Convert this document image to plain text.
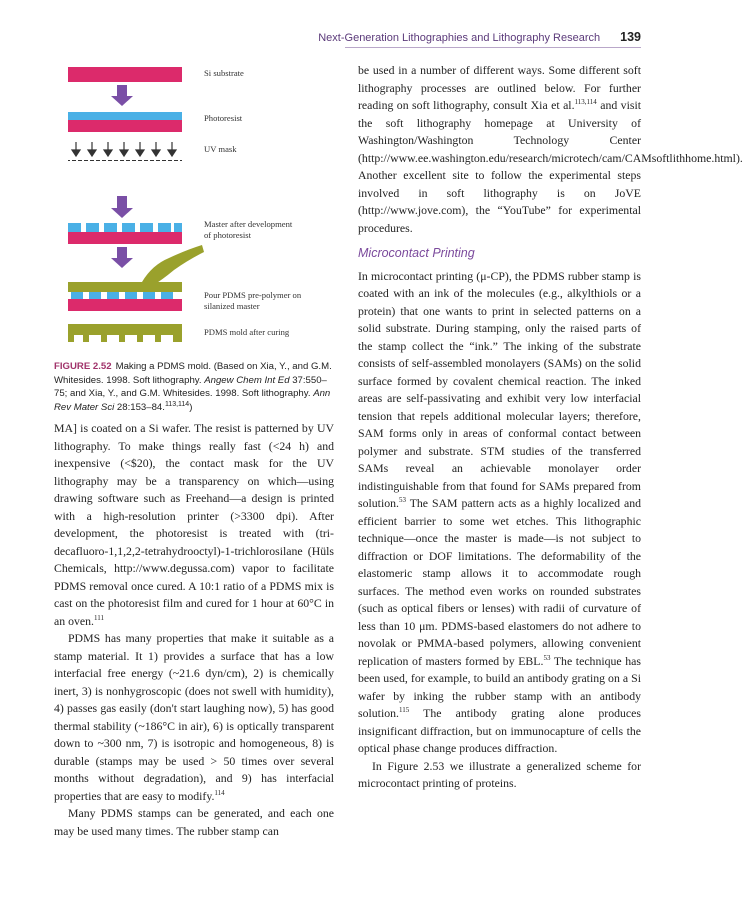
Next-Generation Lithographies and Lithography Research 139
Si substrate
Photoresist
UV mask
Master after development
of photoresist
Pour PDMS pre-polymer on
silanized master
PDMS mold after curing
FIGURE 2.52 Making a PDMS mold. (Based on Xia, Y., and G.M. Whitesides. 1998. Soft lithography. Angew Chem Int Ed 37:550–75; and Xia, Y., and G.M. Whitesides. 1998. Soft lithography. Ann Rev Mater Sci 28:153–84.$^{113,114}$)

MA] is coated on a Si wafer. The resist is patterned by UV lithography. To make things really fast (<24 h) and inexpensive (<$20), the contact mask for the UV lithography may be a transparency on which—using drawing software such as Freehand—a design is printed with a high-resolution printer (>3300 dpi). After development, the photoresist is treated with (tri-decafluoro-1,1,2,2-tetrahydrooctyl)-1-trichlorosilane (Hüls Chemicals, http://www.degussa.com) vapor to facilitate PDMS removal once cured. A 10:1 ratio of a PDMS mix is cast on the photoresist film and cured for 1 hour at 60°C in an oven.$^{111}$

PDMS has many properties that make it suitable as a stamp material. It 1) provides a surface that has a low interfacial free energy (~21.6 dyn/cm), 2) is chemically inert, 3) is nonhygroscopic (does not swell with humidity), 4) passes gas easily (don't start laughing now), 5) has good thermal stability (~186°C in air), 6) is optically transparent down to ~300 nm, 7) is isotropic and homogeneous, 8) is durable (stamps may be used > 50 times over several months without degradation), and 9) has interfacial properties that are easy to modify.$^{114}$

Many PDMS stamps can be generated, and each one may be used many times. The rubber stamp can

be used in a number of different ways. Some different soft lithography processes are outlined below. For further reading on soft lithography, consult Xia et al.$^{113,114}$ and visit the soft lithography homepage at University of Washington/Washington Technology Center (http://www.ee.washington.edu/research/microtech/cam/CAMsoftlithhome.html). Another excellent site to follow the experimental steps involved in soft lithography is on JoVE (http://www.jove.com), the “YouTube” for experimental procedures.

Microcontact Printing

In microcontact printing (μ-CP), the PDMS rubber stamp is coated with an ink of the molecules (e.g., alkylthiols or a protein) that one wants to print in selected patterns on a solid substrate. During stamping, only the raised parts of the stamp collect the “ink.” The inking of the substrate consists of self-assembled monolayers (SAMs) on the solid surface formed by covalent chemical reaction. The inked areas are self-passivating and exhibit very low interfacial tension that repels additional molecular layers; therefore, SAM forms only in areas of conformal contact between polymer and substrate. STM studies of the transferred SAMs reveal an achievable monolayer order indistinguishable from that found for SAMs prepared from solution.$^{53}$ The SAM pattern acts as a highly localized and efficient barrier to some wet etches. This lithographic technique—once the master is made—is not subject to diffraction or DOF limitations. The deformability of the elastomeric stamp allows it to accommodate rough surfaces. The method even works on rounded substrates (such as optical fibers or lenses) with radii of curvature of less than 10 μm. PDMS-based elastomers do not adhere to novolak or PMMA-based polymers, allowing convenient replication of masters formed by EBL.$^{53}$ The technique has been used, for example, to build an antibody grating on a Si wafer by inking the rubber stamp with an antibody solution.$^{115}$ The antibody grating alone produces insignificant diffraction, but on immunocapture of cells the optical phase change produces diffraction.

In Figure 2.53 we illustrate a generalized scheme for microcontact printing of proteins.
